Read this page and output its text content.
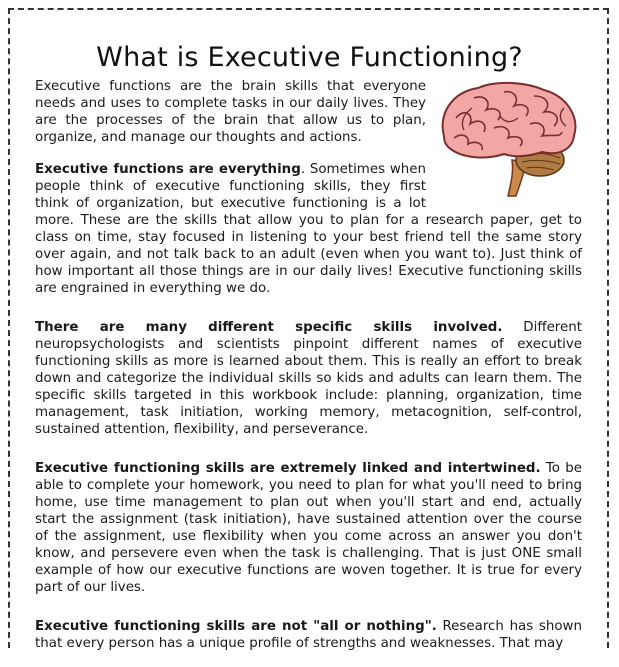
What is Executive Functioning?

Executive functions are the brain skills that everyone needs and uses to complete tasks in our daily lives. They are the processes of the brain that allow us to plan, organize, and manage our thoughts and actions.

Executive functions are everything. Sometimes when people think of executive functioning skills, they first think of organization, but executive functioning is a lot more. These are the skills that allow you to plan for a research paper, get to class on time, stay focused in listening to your best friend tell the same story over again, and not talk back to an adult (even when you want to). Just think of how important all those things are in our daily lives! Executive functioning skills are engrained in everything we do.

There are many different specific skills involved. Different neuropsychologists and scientists pinpoint different names of executive functioning skills as more is learned about them. This is really an effort to break down and categorize the individual skills so kids and adults can learn them. The specific skills targeted in this workbook include: planning, organization, time management, task initiation, working memory, metacognition, self-control, sustained attention, flexibility, and perseverance.

Executive functioning skills are extremely linked and intertwined. To be able to complete your homework, you need to plan for what you'll need to bring home, use time management to plan out when you'll start and end, actually start the assignment (task initiation), have sustained attention over the course of the assignment, use flexibility when you come across an answer you don't know, and persevere even when the task is challenging. That is just ONE small example of how our executive functions are woven together. It is true for every part of our lives.

Executive functioning skills are not "all or nothing". Research has shown that every person has a unique profile of strengths and weaknesses. That may
